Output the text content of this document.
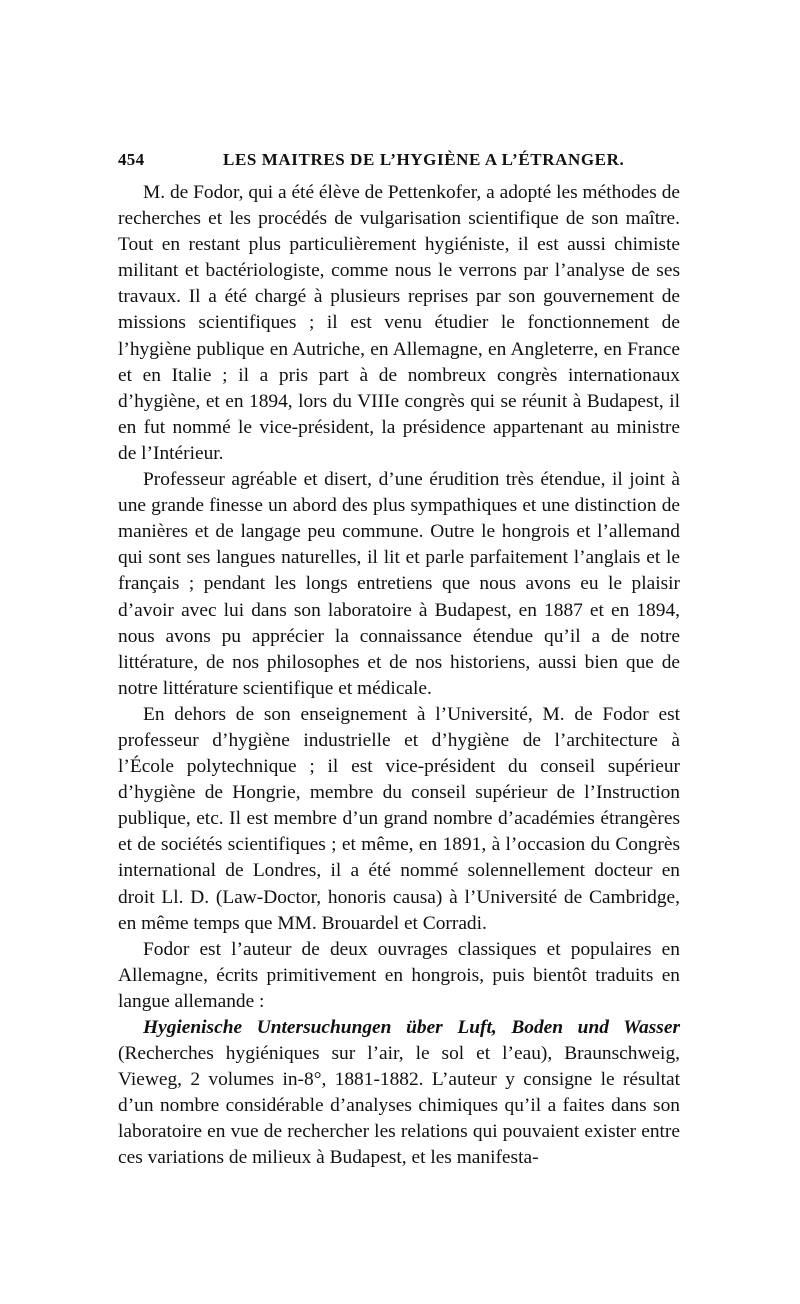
454	LES MAITRES DE L’HYGIÈNE A L’ÉTRANGER.

M. de Fodor, qui a été élève de Pettenkofer, a adopté les méthodes de recherches et les procédés de vulgarisation scientifique de son maître. Tout en restant plus particulièrement hygiéniste, il est aussi chimiste militant et bactériologiste, comme nous le verrons par l’analyse de ses travaux. Il a été chargé à plusieurs reprises par son gouvernement de missions scientifiques ; il est venu étudier le fonctionnement de l’hygiène publique en Autriche, en Allemagne, en Angleterre, en France et en Italie ; il a pris part à de nombreux congrès internationaux d’hygiène, et en 1894, lors du VIIIe congrès qui se réunit à Budapest, il en fut nommé le vice-président, la présidence appartenant au ministre de l’Intérieur.

Professeur agréable et disert, d’une érudition très étendue, il joint à une grande finesse un abord des plus sympathiques et une distinction de manières et de langage peu commune. Outre le hongrois et l’allemand qui sont ses langues naturelles, il lit et parle parfaitement l’anglais et le français ; pendant les longs entretiens que nous avons eu le plaisir d’avoir avec lui dans son laboratoire à Budapest, en 1887 et en 1894, nous avons pu apprécier la connaissance étendue qu’il a de notre littérature, de nos philosophes et de nos historiens, aussi bien que de notre littérature scientifique et médicale.

En dehors de son enseignement à l’Université, M. de Fodor est professeur d’hygiène industrielle et d’hygiène de l’architecture à l’École polytechnique ; il est vice-président du conseil supérieur d’hygiène de Hongrie, membre du conseil supérieur de l’Instruction publique, etc. Il est membre d’un grand nombre d’académies étrangères et de sociétés scientifiques ; et même, en 1891, à l’occasion du Congrès international de Londres, il a été nommé solennellement docteur en droit Ll. D. (Law-Doctor, honoris causa) à l’Université de Cambridge, en même temps que MM. Brouardel et Corradi.

Fodor est l’auteur de deux ouvrages classiques et populaires en Allemagne, écrits primitivement en hongrois, puis bientôt traduits en langue allemande :

Hygienische Untersuchungen über Luft, Boden und Wasser (Recherches hygiéniques sur l’air, le sol et l’eau), Braunschweig, Vieweg, 2 volumes in-8°, 1881-1882. L’auteur y consigne le résultat d’un nombre considérable d’analyses chimiques qu’il a faites dans son laboratoire en vue de rechercher les relations qui pouvaient exister entre ces variations de milieux à Budapest, et les manifesta-
